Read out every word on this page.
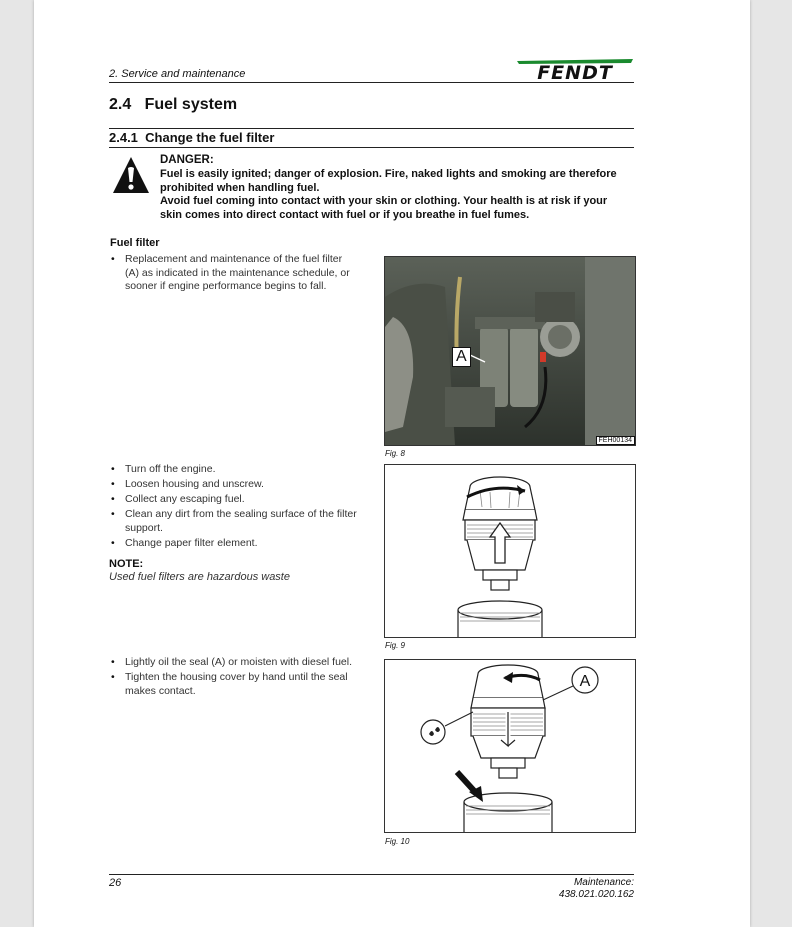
2. Service and maintenance	FENDT
2.4   Fuel system
2.4.1  Change the fuel filter
DANGER:

Fuel is easily ignited; danger of explosion. Fire, naked lights and smoking are therefore prohibited when handling fuel.

Avoid fuel coming into contact with your skin or clothing. Your health is at risk if your skin comes into direct contact with fuel or if you breathe in fuel fumes.

Fuel filter
• Replacement and maintenance of the fuel filter (A) as indicated in the maintenance schedule, or sooner if engine performance begins to fall.
A
FEH00134
Fig. 8
• Turn off the engine.
• Loosen housing and unscrew.
• Collect any escaping fuel.
• Clean any dirt from the sealing surface of the filter support.
• Change paper filter element.
NOTE:
Used fuel filters are hazardous waste
Fig. 9
• Lightly oil the seal (A) or moisten with diesel fuel.
• Tighten the housing cover by hand until the seal makes contact.
A
Fig. 10
26	Maintenance:
438.021.020.162
